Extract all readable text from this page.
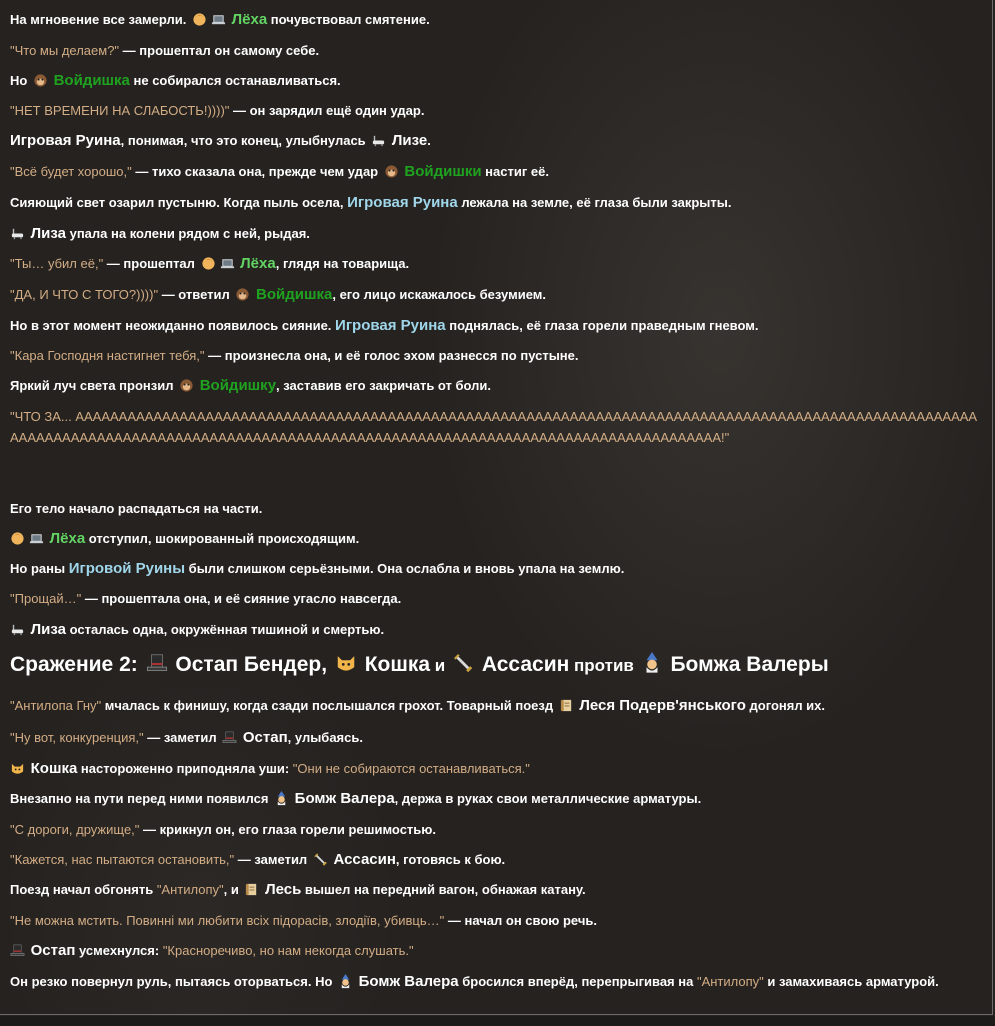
На мгновение все замерли.	Лёха почувствовал смятение.

"Что мы делаем?" — прошептал он самому себе.

Но  Войдишка не собирался останавливаться.

"НЕТ ВРЕМЕНИ НА СЛАБОСТЬ!))))" — он зарядил ещё один удар.

Игровая Руина, понимая, что это конец, улыбнулась  Лизе.

"Всё будет хорошо," — тихо сказала она, прежде чем удар  Войдишки настиг её.

Сияющий свет озарил пустыню. Когда пыль осела, Игровая Руина лежала на земле, её глаза были закрыты.

Лиза упала на колени рядом с ней, рыдая.

"Ты… убил её," — прошептал	Лёха, глядя на товарища.

"ДА, И ЧТО С ТОГО?))))" — ответил  Войдишка, его лицо искажалось безумием.

Но в этот момент неожиданно появилось сияние. Игровая Руина поднялась, её глаза горели праведным гневом.

"Кара Господня настигнет тебя," — произнесла она, и её голос эхом разнесся по пустыне.

Яркий луч света пронзил  Войдишку, заставив его закричать от боли.

"ЧТО ЗА... АААААААААААААААААААААААААААААААААААААААААААААААААААААААААААААААААААААААААААААААААААААААААААААААААААААААААААААААААААААААААААААААААААААААААААААААААААААААААААААААААААААААААААААААААААААААААА!"

Его тело начало распадаться на части.

Лёха отступил, шокированный происходящим.

Но раны Игровой Руины были слишком серьёзными. Она ослабла и вновь упала на землю.

"Прощай…" — прошептала она, и её сияние угасло навсегда.

Лиза осталась одна, окружённая тишиной и смертью.

Сражение 2:  Остап Бендер,  Кошка и  Ассасин против  Бомжа Валеры

"Антилопа Гну" мчалась к финишу, когда сзади послышался грохот. Товарный поезд  Леся Подерв'янського догонял их.

"Ну вот, конкуренция," — заметил  Остап, улыбаясь.

Кошка настороженно приподняла уши: "Они не собираются останавливаться."

Внезапно на пути перед ними появился  Бомж Валера, держа в руках свои металлические арматуры.

"С дороги, дружище," — крикнул он, его глаза горели решимостью.

"Кажется, нас пытаются остановить," — заметил  Ассасин, готовясь к бою.

Поезд начал обгонять "Антилопу", и  Лесь вышел на передний вагон, обнажая катану.

"Не можна мстить. Повинні ми любити всіх підорасів, злодіїв, убивць…" — начал он свою речь.

Остап усмехнулся: "Красноречиво, но нам некогда слушать."

Он резко повернул руль, пытаясь оторваться. Но  Бомж Валера бросился вперёд, перепрыгивая на "Антилопу" и замахиваясь арматурой.
